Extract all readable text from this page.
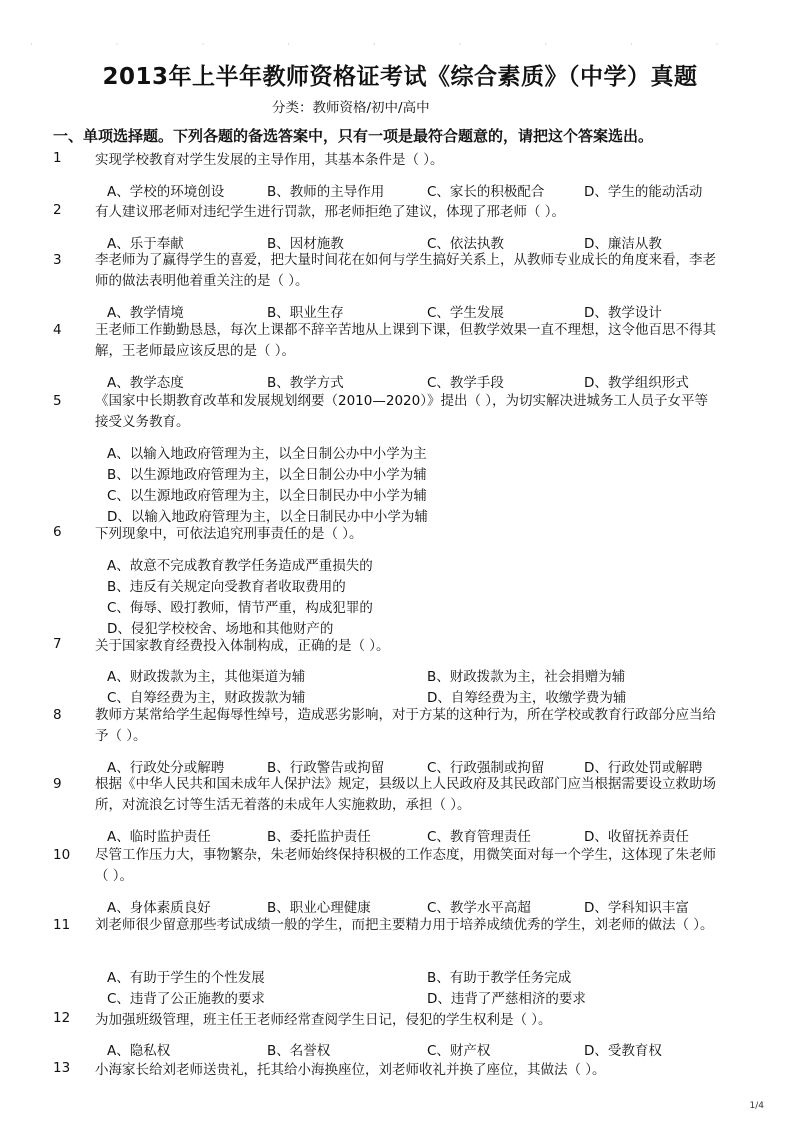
· · · · · · · · ·
2013年上半年教师资格证考试《综合素质》（中学）真题
分类：教师资格/初中/高中
一、单项选择题。下列各题的备选答案中，只有一项是最符合题意的，请把这个答案选出。
1 实现学校教育对学生发展的主导作用，其基本条件是（ ）。
A、学校的环境创设	B、教师的主导作用	C、家长的积极配合	D、学生的能动活动
2 有人建议邢老师对违纪学生进行罚款，邢老师拒绝了建议，体现了邢老师（ ）。
A、乐于奉献	B、因材施教	C、依法执教	D、廉洁从教
3 李老师为了赢得学生的喜爱，把大量时间花在如何与学生搞好关系上，从教师专业成长的角度来看，李老师的做法表明他着重关注的是（ ）。
A、教学情境	B、职业生存	C、学生发展	D、教学设计
4 王老师工作勤勤恳恳，每次上课都不辞辛苦地从上课到下课，但教学效果一直不理想，这令他百思不得其解，王老师最应该反思的是（ ）。
A、教学态度	B、教学方式	C、教学手段	D、教学组织形式
5 《国家中长期教育改革和发展规划纲要（2010—2020）》提出（ ），为切实解决进城务工人员子女平等接受义务教育。
A、以输入地政府管理为主，以全日制公办中小学为主
B、以生源地政府管理为主，以全日制公办中小学为辅
C、以生源地政府管理为主，以全日制民办中小学为辅
D、以输入地政府管理为主，以全日制民办中小学为辅
6 下列现象中，可依法追究刑事责任的是（ ）。
A、故意不完成教育教学任务造成严重损失的
B、违反有关规定向受教育者收取费用的
C、侮辱、殴打教师，情节严重，构成犯罪的
D、侵犯学校校舍、场地和其他财产的
7 关于国家教育经费投入体制构成，正确的是（ ）。
A、财政拨款为主，其他渠道为辅	B、财政拨款为主，社会捐赠为辅
C、自筹经费为主，财政拨款为辅	D、自筹经费为主，收缴学费为辅
8 教师方某常给学生起侮辱性绰号，造成恶劣影响，对于方某的这种行为，所在学校或教育行政部分应当给予（ ）。
A、行政处分或解聘	B、行政警告或拘留	C、行政强制或拘留	D、行政处罚或解聘
9 根据《中华人民共和国未成年人保护法》规定，县级以上人民政府及其民政部门应当根据需要设立救助场所，对流浪乞讨等生活无着落的未成年人实施救助，承担（ ）。
A、临时监护责任	B、委托监护责任	C、教育管理责任	D、收留抚养责任
10 尽管工作压力大，事物繁杂，朱老师始终保持积极的工作态度，用微笑面对每一个学生，这体现了朱老师（ ）。
A、身体素质良好	B、职业心理健康	C、教学水平高超	D、学科知识丰富
11 刘老师很少留意那些考试成绩一般的学生，而把主要精力用于培养成绩优秀的学生，刘老师的做法（ ）。
A、有助于学生的个性发展	B、有助于教学任务完成
C、违背了公正施教的要求	D、违背了严慈相济的要求
12 为加强班级管理，班主任王老师经常查阅学生日记，侵犯的学生权利是（ ）。
A、隐私权	B、名誉权	C、财产权	D、受教育权
13 小海家长给刘老师送贵礼，托其给小海换座位，刘老师收礼并换了座位，其做法（ ）。
1/4
